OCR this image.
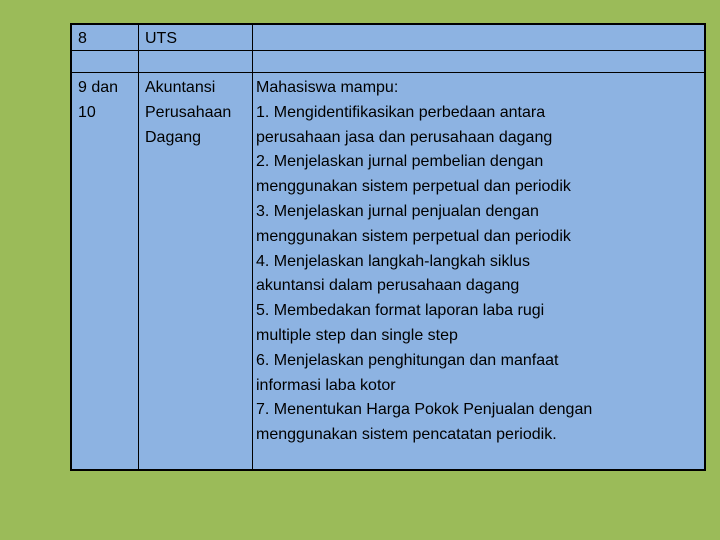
8	UTS
9 dan
10
Akuntansi
Perusahaan
Dagang
Mahasiswa mampu:
1. Mengidentifikasikan perbedaan antara
perusahaan jasa dan perusahaan dagang
2. Menjelaskan jurnal pembelian dengan
menggunakan sistem perpetual dan periodik
3. Menjelaskan jurnal penjualan dengan
menggunakan sistem perpetual dan periodik
4. Menjelaskan langkah-langkah siklus
akuntansi dalam perusahaan dagang
5. Membedakan format laporan laba rugi
multiple step dan single step
6. Menjelaskan penghitungan dan manfaat
informasi laba kotor
7. Menentukan Harga Pokok Penjualan dengan
menggunakan sistem pencatatan periodik.
